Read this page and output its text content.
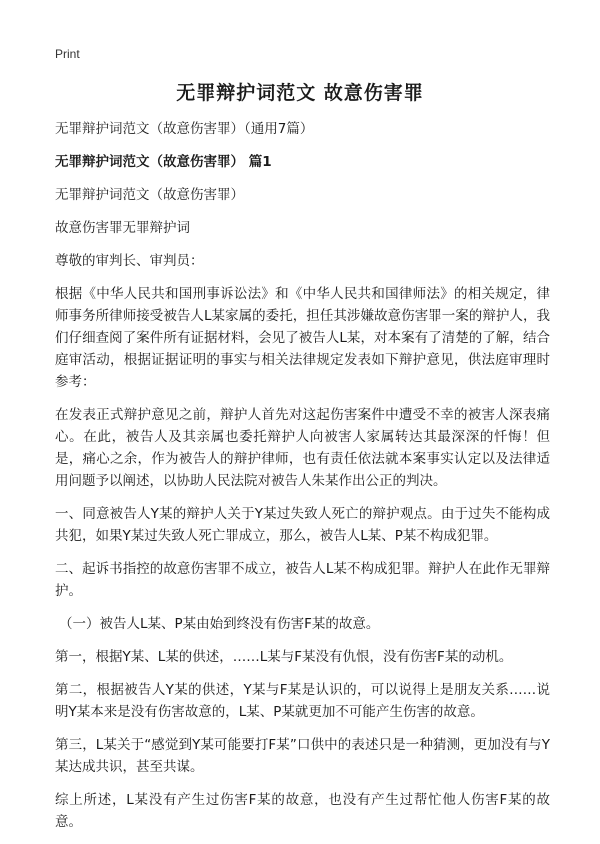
Print
无罪辩护词范文 故意伤害罪

无罪辩护词范文（故意伤害罪）（通用7篇）

无罪辩护词范文（故意伤害罪） 篇1

无罪辩护词范文（故意伤害罪）

故意伤害罪无罪辩护词

尊敬的审判长、审判员：

根据《中华人民共和国刑事诉讼法》和《中华人民共和国律师法》的相关规定，律师事务所律师接受被告人L某家属的委托，担任其涉嫌故意伤害罪一案的辩护人，我们仔细查阅了案件所有证据材料，会见了被告人L某，对本案有了清楚的了解，结合庭审活动，根据证据证明的事实与相关法律规定发表如下辩护意见，供法庭审理时参考：

在发表正式辩护意见之前，辩护人首先对这起伤害案件中遭受不幸的被害人深表痛心。在此，被告人及其亲属也委托辩护人向被害人家属转达其最深深的忏悔！但是，痛心之余，作为被告人的辩护律师，也有责任依法就本案事实认定以及法律适用问题予以阐述，以协助人民法院对被告人朱某作出公正的判决。

一、同意被告人Y某的辩护人关于Y某过失致人死亡的辩护观点。由于过失不能构成共犯，如果Y某过失致人死亡罪成立，那么，被告人L某、P某不构成犯罪。

二、起诉书指控的故意伤害罪不成立，被告人L某不构成犯罪。辩护人在此作无罪辩护。

（一）被告人L某、P某由始到终没有伤害F某的故意。

第一，根据Y某、L某的供述，……L某与F某没有仇恨，没有伤害F某的动机。

第二，根据被告人Y某的供述，Y某与F某是认识的，可以说得上是朋友关系……说明Y某本来是没有伤害故意的，L某、P某就更加不可能产生伤害的故意。

第三，L某关于“感觉到Y某可能要打F某”口供中的表述只是一种猜测，更加没有与Y某达成共识，甚至共谋。

综上所述，L某没有产生过伤害F某的故意，也没有产生过帮忙他人伤害F某的故意。
